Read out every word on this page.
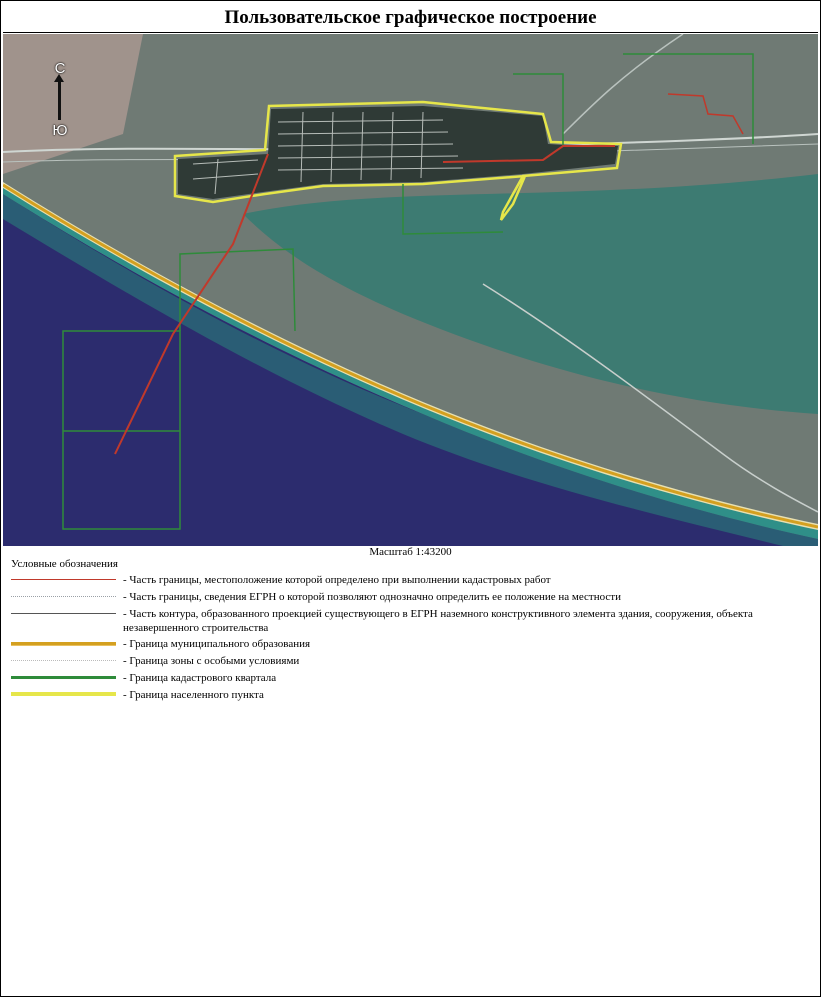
Пользовательское графическое построение
С
Ю
Масштаб 1:43200
Условные обозначения
- Часть границы, местоположение которой определено при выполнении кадастровых работ
- Часть границы, сведения ЕГРН о которой позволяют однозначно определить ее положение на местности
- Часть контура, образованного проекцией существующего в ЕГРН наземного конструктивного элемента здания, сооружения, объекта незавершенного строительства
- Граница муниципального образования
- Граница зоны с особыми условиями
- Граница кадастрового квартала
- Граница населенного пункта
